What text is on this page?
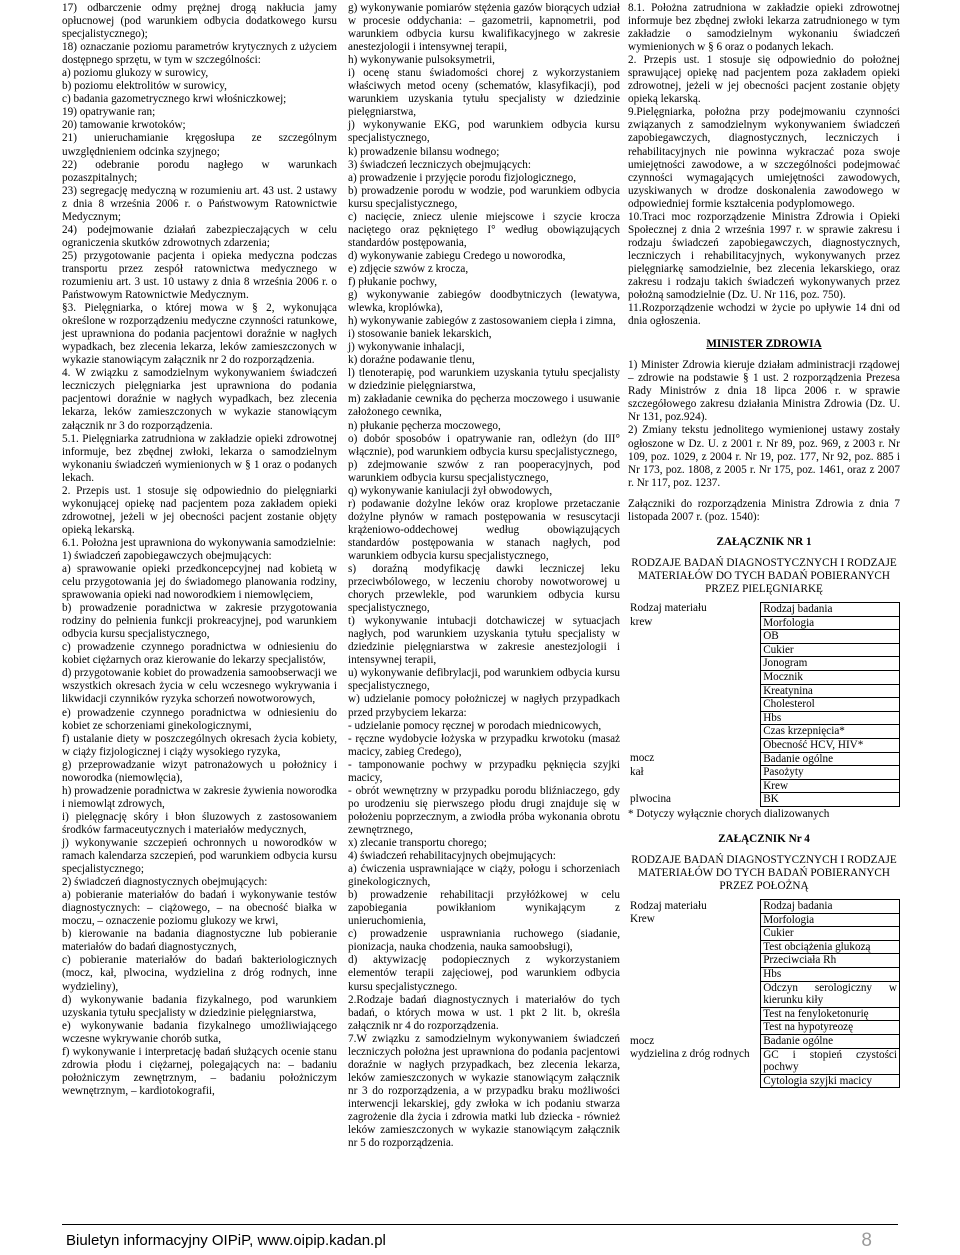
17) odbarczenie odmy prężnej drogą nakłucia jamy opłucnowej (pod warunkiem odbycia dodatkowego kursu specjalistycznego);

18) oznaczanie poziomu parametrów krytycznych z użyciem dostępnego sprzętu, w tym w szczególności:

a) poziomu glukozy w surowicy,

b) poziomu elektrolitów w surowicy,

c) badania gazometrycznego krwi włośniczkowej;

19) opatrywanie ran;

20) tamowanie krwotoków;

21) unieruchamianie kręgosłupa ze szczególnym uwzględnieniem odcinka szyjnego;

22) odebranie porodu nagłego w warunkach pozaszpitalnych;

23) segregację medyczną w rozumieniu art. 43 ust. 2 ustawy z dnia 8 września 2006 r. o Państwowym Ratownictwie Medycznym;

24) podejmowanie działań zabezpieczających w celu ograniczenia skutków zdrowotnych zdarzenia;

25) przygotowanie pacjenta i opieka medyczna podczas transportu przez zespół ratownictwa medycznego w rozumieniu art. 3 ust. 10 ustawy z dnia 8 września 2006 r. o Państwowym Ratownictwie Medycznym.

§3. Pielęgniarka, o której mowa w § 2, wykonująca określone w rozporządzeniu medyczne czynności ratunkowe, jest uprawniona do podania pacjentowi doraźnie w nagłych wypadkach, bez zlecenia lekarza, leków zamieszczonych w wykazie stanowiącym załącznik nr 2 do rozporządzenia.

4. W związku z samodzielnym wykonywaniem świadczeń leczniczych pielęgniarka jest uprawniona do podania pacjentowi doraźnie w nagłych wypadkach, bez zlecenia lekarza, leków zamieszczonych w wykazie stanowiącym załącznik nr 3 do rozporządzenia.

5.1. Pielęgniarka zatrudniona w zakładzie opieki zdrowotnej informuje, bez zbędnej zwłoki, lekarza o samodzielnym wykonaniu świadczeń wymienionych w § 1 oraz o podanych lekach.

2. Przepis ust. 1 stosuje się odpowiednio do pielęgniarki wykonującej opiekę nad pacjentem poza zakładem opieki zdrowotnej, jeżeli w jej obecności pacjent zostanie objęty opieką lekarską.

6.1. Położna jest uprawniona do wykonywania samodzielnie:

1) świadczeń zapobiegawczych obejmujących:

a) sprawowanie opieki przedkoncepcyjnej nad kobietą w celu przygotowania jej do świadomego planowania rodziny, sprawowania opieki nad noworodkiem i niemowlęciem,

b) prowadzenie poradnictwa w zakresie przygotowania rodziny do pełnienia funkcji prokreacyjnej, pod warunkiem odbycia kursu specjalistycznego,

c) prowadzenie czynnego poradnictwa w odniesieniu do kobiet ciężarnych oraz kierowanie do lekarzy specjalistów,

d) przygotowanie kobiet do prowadzenia samoobserwacji we wszystkich okresach życia w celu wczesnego wykrywania i likwidacji czynników ryzyka schorzeń nowotworowych,

e) prowadzenie czynnego poradnictwa w odniesieniu do kobiet ze schorzeniami ginekologicznymi,

f) ustalanie diety w poszczególnych okresach życia kobiety, w ciąży fizjologicznej i ciąży wysokiego ryzyka,

g) przeprowadzanie wizyt patronażowych u położnicy i noworodka (niemowlęcia),

h) prowadzenie poradnictwa w zakresie żywienia noworodka i niemowląt zdrowych,

i) pielęgnację skóry i błon śluzowych z zastosowaniem środków farmaceutycznych i materiałów medycznych,

j) wykonywanie szczepień ochronnych u noworodków w ramach kalendarza szczepień, pod warunkiem odbycia kursu specjalistycznego;

2) świadczeń diagnostycznych obejmujących:

a) pobieranie materiałów do badań i wykonywanie testów diagnostycznych: – ciążowego, – na obecność białka w moczu, – oznaczenie poziomu glukozy we krwi,

b) kierowanie na badania diagnostyczne lub pobieranie materiałów do badań diagnostycznych,

c) pobieranie materiałów do badań bakteriologicznych (mocz, kał, plwocina, wydzielina z dróg rodnych, inne wydzieliny),

d) wykonywanie badania fizykalnego, pod warunkiem uzyskania tytułu specjalisty w dziedzinie pielęgniarstwa,

e) wykonywanie badania fizykalnego umożliwiającego wczesne wykrywanie chorób sutka,

f) wykonywanie i interpretację badań służących ocenie stanu zdrowia płodu i ciężarnej, polegających na: – badaniu położniczym zewnętrznym, – badaniu położniczym wewnętrznym, – kardiotokografii,

g) wykonywanie pomiarów stężenia gazów biorących udział w procesie oddychania: – gazometrii, kapnometrii, pod warunkiem odbycia kursu kwalifikacyjnego w zakresie anestezjologii i intensywnej terapii,

h) wykonywanie pulsoksymetrii,

i) ocenę stanu świadomości chorej z wykorzystaniem właściwych metod oceny (schematów, klasyfikacji), pod warunkiem uzyskania tytułu specjalisty w dziedzinie pielęgniarstwa,

j) wykonywanie EKG, pod warunkiem odbycia kursu specjalistycznego,

k) prowadzenie bilansu wodnego;

3) świadczeń leczniczych obejmujących:

a) prowadzenie i przyjęcie porodu fizjologicznego,

b) prowadzenie porodu w wodzie, pod warunkiem odbycia kursu specjalistycznego,

c) nacięcie, zniecz ulenie miejscowe i szycie krocza naciętego oraz pękniętego I° według obowiązujących standardów postępowania,

d) wykonywanie zabiegu Credego u noworodka,

e) zdjęcie szwów z krocza,

f) płukanie pochwy,

g) wykonywanie zabiegów doodbytniczych (lewatywa, wlewka, kroplówka),

h) wykonywanie zabiegów z zastosowaniem ciepła i zimna,

i) stosowanie baniek lekarskich,

j) wykonywanie inhalacji,

k) doraźne podawanie tlenu,

l) tlenoterapię, pod warunkiem uzyskania tytułu specjalisty w dziedzinie pielęgniarstwa,

m) zakładanie cewnika do pęcherza moczowego i usuwanie założonego cewnika,

n) płukanie pęcherza moczowego,

o) dobór sposobów i opatrywanie ran, odleżyn (do III° włącznie), pod warunkiem odbycia kursu specjalistycznego,

p) zdejmowanie szwów z ran pooperacyjnych, pod warunkiem odbycia kursu specjalistycznego,

q) wykonywanie kaniulacji żył obwodowych,

r) podawanie dożylne leków oraz kroplowe przetaczanie dożylne płynów w ramach postępowania w resuscytacji krążeniowo-oddechowej według obowiązujących standardów postępowania w stanach nagłych, pod warunkiem odbycia kursu specjalistycznego,

s) doraźną modyfikację dawki leczniczej leku przeciwbólowego, w leczeniu choroby nowotworowej u chorych przewlekle, pod warunkiem odbycia kursu specjalistycznego,

t) wykonywanie intubacji dotchawiczej w sytuacjach nagłych, pod warunkiem uzyskania tytułu specjalisty w dziedzinie pielęgniarstwa w zakresie anestezjologii i intensywnej terapii,

u) wykonywanie defibrylacji, pod warunkiem odbycia kursu specjalistycznego,

w) udzielanie pomocy położniczej w nagłych przypadkach przed przybyciem lekarza:

- udzielanie pomocy ręcznej w porodach miednicowych,

- ręczne wydobycie łożyska w przypadku krwotoku (masaż macicy, zabieg Credego),

- tamponowanie pochwy w przypadku pęknięcia szyjki macicy,

- obrót wewnętrzny w przypadku porodu bliźniaczego, gdy po urodzeniu się pierwszego płodu drugi znajduje się w położeniu poprzecznym, a zwiodła próba wykonania obrotu zewnętrznego,

x) zlecanie transportu chorego;

4) świadczeń rehabilitacyjnych obejmujących:

a) ćwiczenia usprawniające w ciąży, połogu i schorzeniach ginekologicznych,

b) prowadzenie rehabilitacji przyłóżkowej w celu zapobiegania powikłaniom wynikającym z unieruchomienia,

c) prowadzenie usprawniania ruchowego (siadanie, pionizacja, nauka chodzenia, nauka samoobsługi),

d) aktywizację podopiecznych z wykorzystaniem elementów terapii zajęciowej, pod warunkiem odbycia kursu specjalistycznego.

2.Rodzaje badań diagnostycznych i materiałów do tych badań, o których mowa w ust. 1 pkt 2 lit. b, określa załącznik nr 4 do rozporządzenia.

7.W związku z samodzielnym wykonywaniem świadczeń leczniczych położna jest uprawniona do podania pacjentowi doraźnie w nagłych przypadkach, bez zlecenia lekarza, leków zamieszczonych w wykazie stanowiącym załącznik nr 3 do rozporządzenia, a w przypadku braku możliwości interwencji lekarskiej, gdy zwłoka w ich podaniu stwarza zagrożenie dla życia i zdrowia matki lub dziecka - również leków zamieszczonych w wykazie stanowiącym załącznik nr 5 do rozporządzenia.

8.1. Położna zatrudniona w zakładzie opieki zdrowotnej informuje bez zbędnej zwłoki lekarza zatrudnionego w tym zakładzie o samodzielnym wykonaniu świadczeń wymienionych w § 6 oraz o podanych lekach.

2. Przepis ust. 1 stosuje się odpowiednio do położnej sprawującej opiekę nad pacjentem poza zakładem opieki zdrowotnej, jeżeli w jej obecności pacjent zostanie objęty opieką lekarską.

9.Pielęgniarka, położna przy podejmowaniu czynności związanych z samodzielnym wykonywaniem świadczeń zapobiegawczych, diagnostycznych, leczniczych i rehabilitacyjnych nie powinna wykraczać poza swoje umiejętności zawodowe, a w szczególności podejmować czynności wymagających umiejętności zawodowych, uzyskiwanych w drodze doskonalenia zawodowego w odpowiedniej formie kształcenia podyplomowego.

10.Traci moc rozporządzenie Ministra Zdrowia i Opieki Społecznej z dnia 2 września 1997 r. w sprawie zakresu i rodzaju świadczeń zapobiegawczych, diagnostycznych, leczniczych i rehabilitacyjnych, wykonywanych przez pielęgniarkę samodzielnie, bez zlecenia lekarskiego, oraz zakresu i rodzaju takich świadczeń wykonywanych przez położną samodzielnie (Dz. U. Nr 116, poz. 750).

11.Rozporządzenie wchodzi w życie po upływie 14 dni od dnia ogłoszenia.

MINISTER ZDROWIA

1) Minister Zdrowia kieruje działam administracji rządowej – zdrowie na podstawie § 1 ust. 2 rozporządzenia Prezesa Rady Ministrów z dnia 18 lipca 2006 r. w sprawie szczegółowego zakresu działania Ministra Zdrowia (Dz. U. Nr 131, poz.924).

2) Zmiany tekstu jednolitego wymienionej ustawy zostały ogłoszone w Dz. U. z 2001 r. Nr 89, poz. 969, z 2003 r. Nr 109, poz. 1029, z 2004 r. Nr 19, poz. 177, Nr 92, poz. 885 i Nr 173, poz. 1808, z 2005 r. Nr 175, poz. 1461, oraz z 2007 r. Nr 117, poz. 1237.

Załączniki do rozporządzenia Ministra Zdrowia z dnia 7 listopada 2007 r. (poz. 1540):

ZAŁĄCZNIK NR 1
RODZAJE BADAŃ DIAGNOSTYCZNYCH I RODZAJE MATERIAŁÓW DO TYCH BADAŃ POBIERANYCH PRZEZ PIELĘGNIARKĘ
Rodzaj materiału	Rodzaj badania
krew	Morfologia
	OB
	Cukier
	Jonogram
	Mocznik
	Kreatynina
	Cholesterol
	Hbs
	Czas krzepnięcia*
	Obecność HCV, HIV*
mocz	Badanie ogólne
kał	Pasożyty
	Krew
plwocina	BK
* Dotyczy wyłącznie chorych dializowanych
ZAŁĄCZNIK Nr 4
RODZAJE BADAŃ DIAGNOSTYCZNYCH I RODZAJE MATERIAŁÓW DO TYCH BADAŃ POBIERANYCH PRZEZ POŁOŻNĄ
Rodzaj materiału	Rodzaj badania
Krew	Morfologia
	Cukier
	Test obciążenia glukozą
	Przeciwciała Rh
	Hbs
	Odczyn serologiczny w kierunku kiły
	Test na fenyloketonurię
	Test na hypotyreozę
mocz	Badanie ogólne
wydzielina z dróg rodnych	GC i stopień czystości pochwy
	Cytologia szyjki macicy
Biuletyn informacyjny OIPiP, www.oipip.kadan.pl	8
